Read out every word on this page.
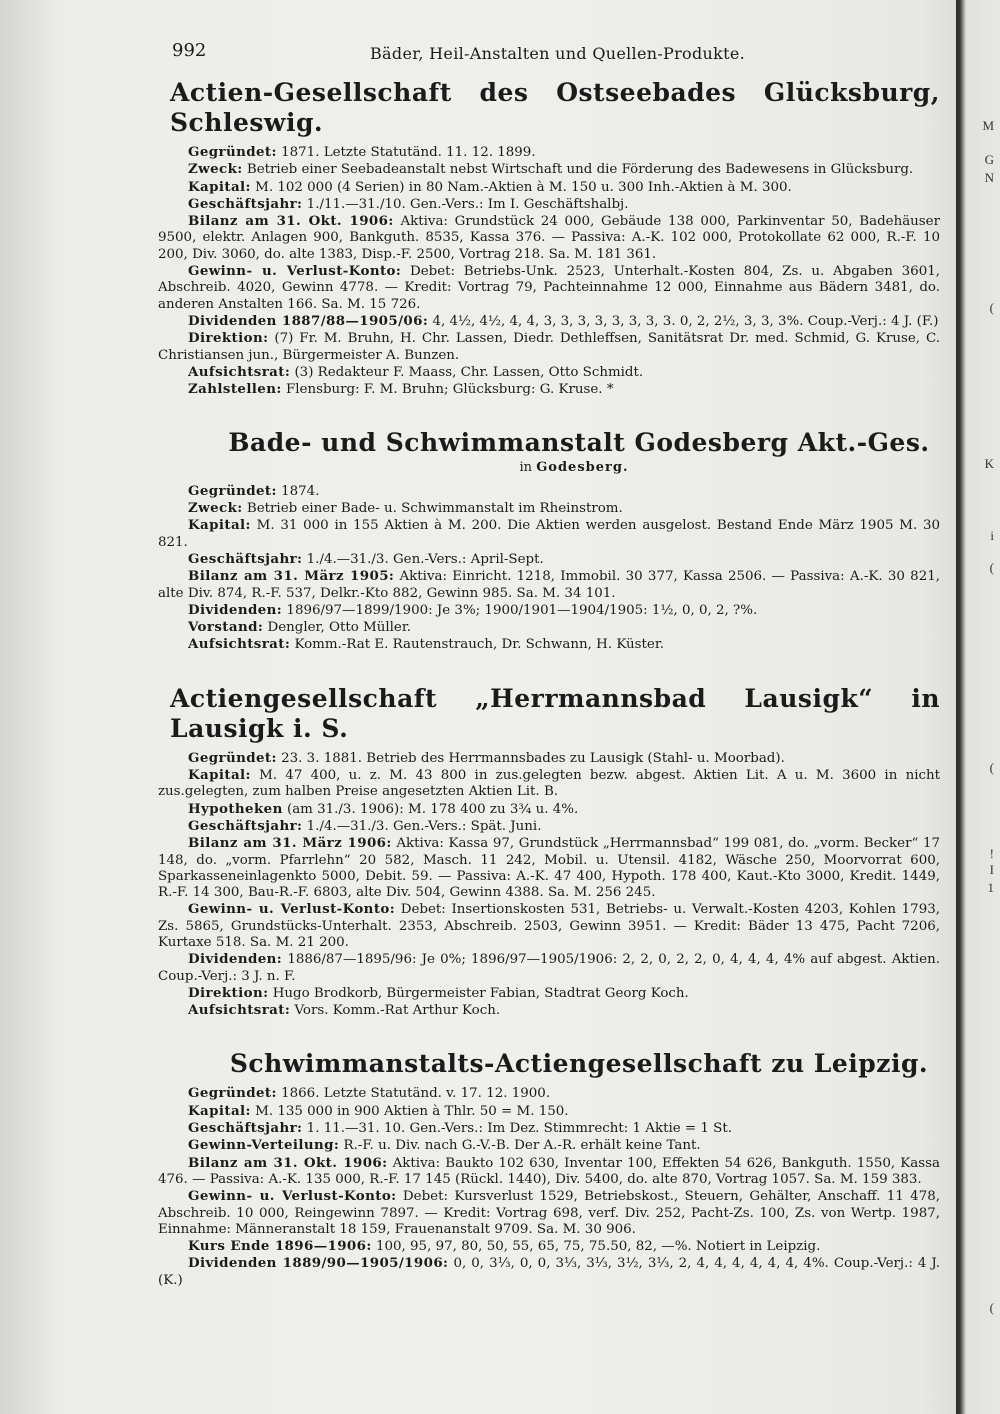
M
G
N
(
K
i
(
(
!
I
1
(
992	Bäder, Heil-Anstalten und Quellen-Produkte.
Actien-Gesellschaft des Ostseebades Glücksburg, Schleswig.

Gegründet: 1871. Letzte Statutänd. 11. 12. 1899.

Zweck: Betrieb einer Seebadeanstalt nebst Wirtschaft und die Förderung des Badewesens in Glücksburg.

Kapital: M. 102 000 (4 Serien) in 80 Nam.-Aktien à M. 150 u. 300 Inh.-Aktien à M. 300.

Geschäftsjahr: 1./11.—31./10. Gen.-Vers.: Im I. Geschäftshalbj.

Bilanz am 31. Okt. 1906: Aktiva: Grundstück 24 000, Gebäude 138 000, Parkinventar 50, Badehäuser 9500, elektr. Anlagen 900, Bankguth. 8535, Kassa 376. — Passiva: A.-K. 102 000, Protokollate 62 000, R.-F. 10 200, Div. 3060, do. alte 1383, Disp.-F. 2500, Vortrag 218. Sa. M. 181 361.

Gewinn- u. Verlust-Konto: Debet: Betriebs-Unk. 2523, Unterhalt.-Kosten 804, Zs. u. Abgaben 3601, Abschreib. 4020, Gewinn 4778. — Kredit: Vortrag 79, Pachteinnahme 12 000, Einnahme aus Bädern 3481, do. anderen Anstalten 166. Sa. M. 15 726.

Dividenden 1887/88—1905/06: 4, 4½, 4½, 4, 4, 3, 3, 3, 3, 3, 3, 3, 3. 0, 2, 2½, 3, 3, 3%. Coup.-Verj.: 4 J. (F.)

Direktion: (7) Fr. M. Bruhn, H. Chr. Lassen, Diedr. Dethleffsen, Sanitätsrat Dr. med. Schmid, G. Kruse, C. Christiansen jun., Bürgermeister A. Bunzen.

Aufsichtsrat: (3) Redakteur F. Maass, Chr. Lassen, Otto Schmidt.

Zahlstellen: Flensburg: F. M. Bruhn; Glücksburg: G. Kruse. *

Bade- und Schwimmanstalt Godesberg Akt.-Ges.
in Godesberg.

Gegründet: 1874.

Zweck: Betrieb einer Bade- u. Schwimmanstalt im Rheinstrom.

Kapital: M. 31 000 in 155 Aktien à M. 200. Die Aktien werden ausgelost. Bestand Ende März 1905 M. 30 821.

Geschäftsjahr: 1./4.—31./3. Gen.-Vers.: April-Sept.

Bilanz am 31. März 1905: Aktiva: Einricht. 1218, Immobil. 30 377, Kassa 2506. — Passiva: A.-K. 30 821, alte Div. 874, R.-F. 537, Delkr.-Kto 882, Gewinn 985. Sa. M. 34 101.

Dividenden: 1896/97—1899/1900: Je 3%; 1900/1901—1904/1905: 1½, 0, 0, 2, ?%.

Vorstand: Dengler, Otto Müller.

Aufsichtsrat: Komm.-Rat E. Rautenstrauch, Dr. Schwann, H. Küster.

Actiengesellschaft „Herrmannsbad Lausigk“ in Lausigk i. S.

Gegründet: 23. 3. 1881. Betrieb des Herrmannsbades zu Lausigk (Stahl- u. Moorbad).

Kapital: M. 47 400, u. z. M. 43 800 in zus.gelegten bezw. abgest. Aktien Lit. A u. M. 3600 in nicht zus.gelegten, zum halben Preise angesetzten Aktien Lit. B.

Hypotheken (am 31./3. 1906): M. 178 400 zu 3¾ u. 4%.

Geschäftsjahr: 1./4.—31./3. Gen.-Vers.: Spät. Juni.

Bilanz am 31. März 1906: Aktiva: Kassa 97, Grundstück „Herrmannsbad“ 199 081, do. „vorm. Becker“ 17 148, do. „vorm. Pfarrlehn“ 20 582, Masch. 11 242, Mobil. u. Utensil. 4182, Wäsche 250, Moorvorrat 600, Sparkasseneinlagenkto 5000, Debit. 59. — Passiva: A.-K. 47 400, Hypoth. 178 400, Kaut.-Kto 3000, Kredit. 1449, R.-F. 14 300, Bau-R.-F. 6803, alte Div. 504, Gewinn 4388. Sa. M. 256 245.

Gewinn- u. Verlust-Konto: Debet: Insertionskosten 531, Betriebs- u. Verwalt.-Kosten 4203, Kohlen 1793, Zs. 5865, Grundstücks-Unterhalt. 2353, Abschreib. 2503, Gewinn 3951. — Kredit: Bäder 13 475, Pacht 7206, Kurtaxe 518. Sa. M. 21 200.

Dividenden: 1886/87—1895/96: Je 0%; 1896/97—1905/1906: 2, 2, 0, 2, 2, 0, 4, 4, 4, 4% auf abgest. Aktien. Coup.-Verj.: 3 J. n. F.

Direktion: Hugo Brodkorb, Bürgermeister Fabian, Stadtrat Georg Koch.

Aufsichtsrat: Vors. Komm.-Rat Arthur Koch.

Schwimmanstalts-Actiengesellschaft zu Leipzig.

Gegründet: 1866. Letzte Statutänd. v. 17. 12. 1900.

Kapital: M. 135 000 in 900 Aktien à Thlr. 50 = M. 150.

Geschäftsjahr: 1. 11.—31. 10. Gen.-Vers.: Im Dez. Stimmrecht: 1 Aktie = 1 St.

Gewinn-Verteilung: R.-F. u. Div. nach G.-V.-B. Der A.-R. erhält keine Tant.

Bilanz am 31. Okt. 1906: Aktiva: Baukto 102 630, Inventar 100, Effekten 54 626, Bankguth. 1550, Kassa 476. — Passiva: A.-K. 135 000, R.-F. 17 145 (Rückl. 1440), Div. 5400, do. alte 870, Vortrag 1057. Sa. M. 159 383.

Gewinn- u. Verlust-Konto: Debet: Kursverlust 1529, Betriebskost., Steuern, Gehälter, Anschaff. 11 478, Abschreib. 10 000, Reingewinn 7897. — Kredit: Vortrag 698, verf. Div. 252, Pacht-Zs. 100, Zs. von Wertp. 1987, Einnahme: Männeranstalt 18 159, Frauenanstalt 9709. Sa. M. 30 906.

Kurs Ende 1896—1906: 100, 95, 97, 80, 50, 55, 65, 75, 75.50, 82, —%. Notiert in Leipzig.

Dividenden 1889/90—1905/1906: 0, 0, 3⅓, 0, 0, 3⅓, 3⅓, 3½, 3⅓, 2, 4, 4, 4, 4, 4, 4, 4%. Coup.-Verj.: 4 J. (K.)
